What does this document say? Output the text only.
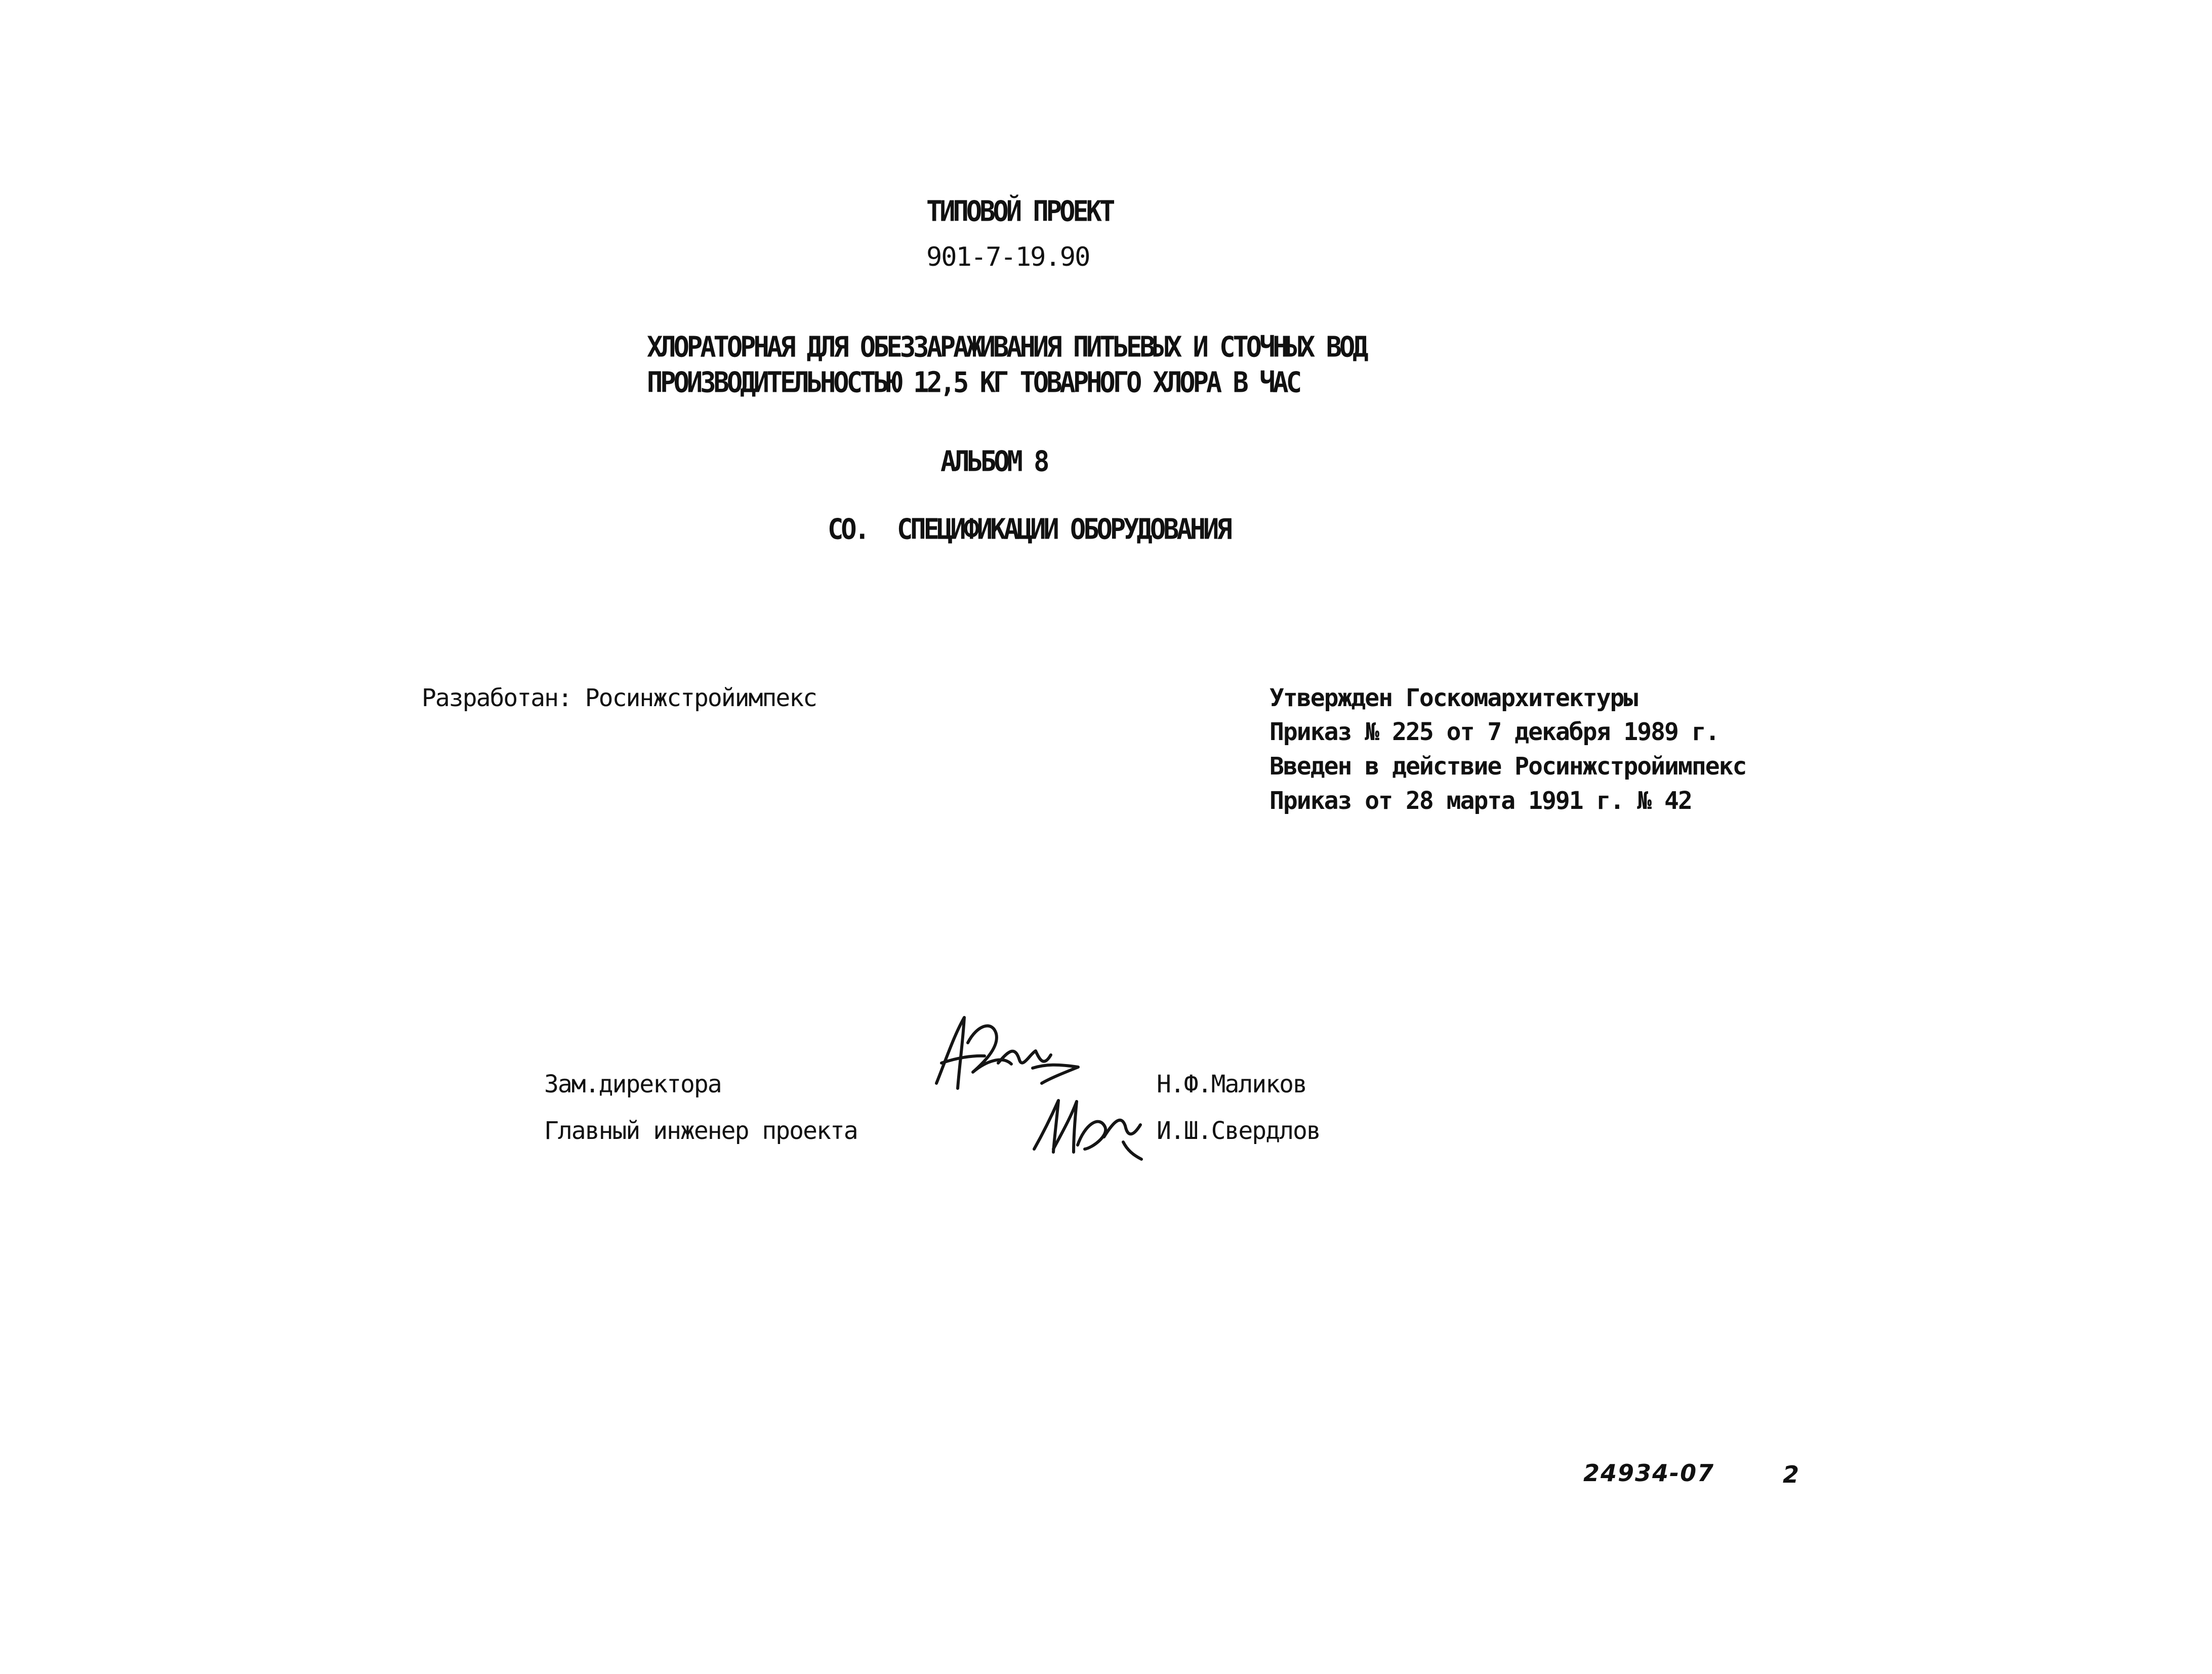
ТИПОВОЙ ПРОЕКТ
901-7-19.90
ХЛОРАТОРНАЯ ДЛЯ ОБЕЗЗАРАЖИВАНИЯ ПИТЬЕВЫХ И СТОЧНЫХ ВОД
ПРОИЗВОДИТЕЛЬНОСТЬЮ 12,5 КГ ТОВАРНОГО ХЛОРА В ЧАС
АЛЬБОМ 8
СО. СПЕЦИФИКАЦИИ ОБОРУДОВАНИЯ
Разработан: Росинжстройимпекс	Утвержден Госкомархитектуры
Приказ № 225 от 7 декабря 1989 г.
Введен в действие Росинжстройимпекс
Приказ от 28 марта 1991 г. № 42
Зам.директора
Главный инженер проекта
Н.Ф.Маликов
И.Ш.Свердлов
24934-07	2
